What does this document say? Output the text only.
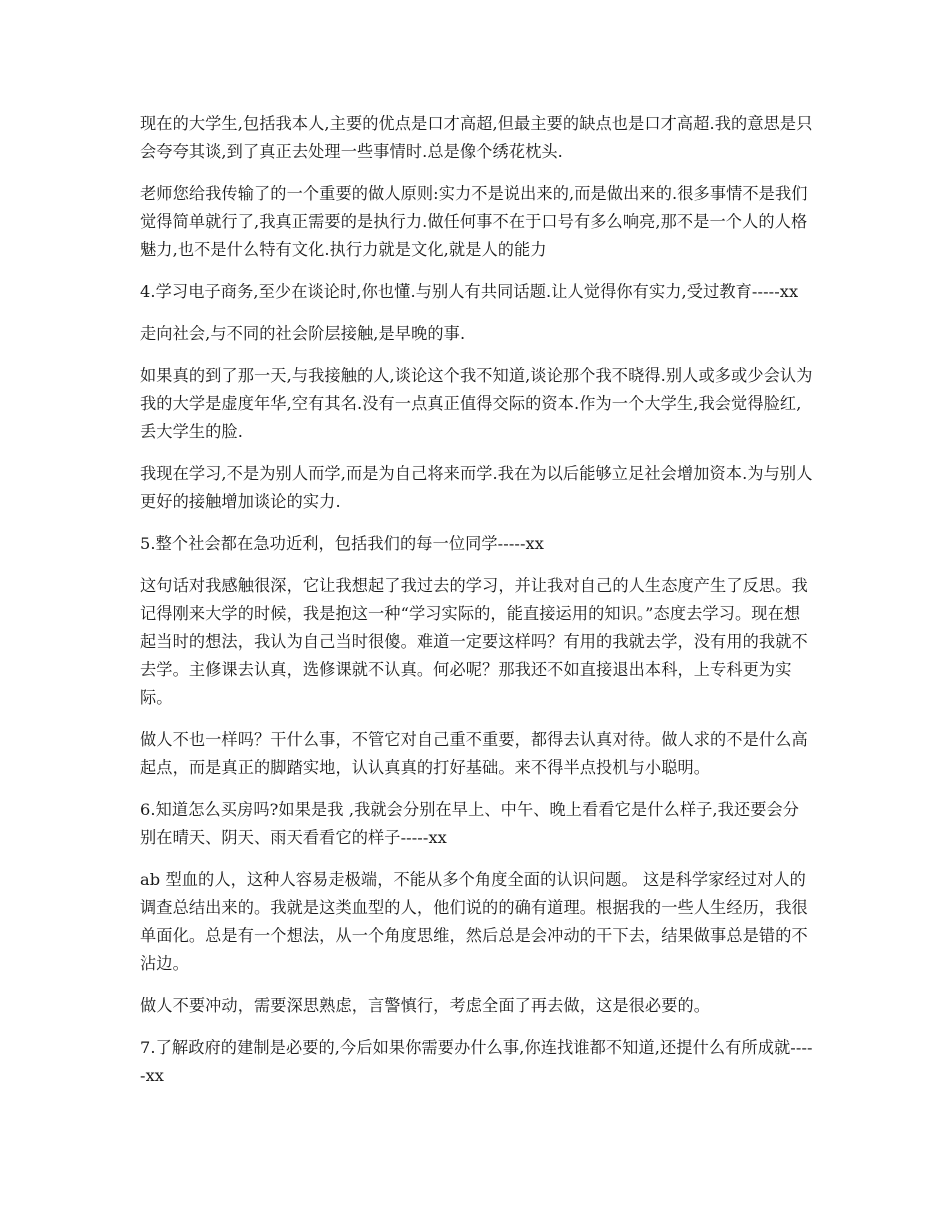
现在的大学生,包括我本人,主要的优点是口才高超,但最主要的缺点也是口才高超.我的意思是只会夸夸其谈,到了真正去处理一些事情时.总是像个绣花枕头.

老师您给我传输了的一个重要的做人原则:实力不是说出来的,而是做出来的.很多事情不是我们觉得简单就行了,我真正需要的是执行力.做任何事不在于口号有多么响亮,那不是一个人的人格魅力,也不是什么特有文化.执行力就是文化,就是人的能力

4.学习电子商务,至少在谈论时,你也懂.与别人有共同话题.让人觉得你有实力,受过教育-----xx

走向社会,与不同的社会阶层接触,是早晚的事.

如果真的到了那一天,与我接触的人,谈论这个我不知道,谈论那个我不晓得.别人或多或少会认为我的大学是虚度年华,空有其名.没有一点真正值得交际的资本.作为一个大学生,我会觉得脸红,丢大学生的脸.

我现在学习,不是为别人而学,而是为自己将来而学.我在为以后能够立足社会增加资本.为与别人更好的接触增加谈论的实力.

5.整个社会都在急功近利，包括我们的每一位同学-----xx

这句话对我感触很深，它让我想起了我过去的学习，并让我对自己的人生态度产生了反思。我记得刚来大学的时候，我是抱这一种“学习实际的，能直接运用的知识。”态度去学习。现在想起当时的想法，我认为自己当时很傻。难道一定要这样吗？有用的我就去学，没有用的我就不去学。主修课去认真，选修课就不认真。何必呢？那我还不如直接退出本科，上专科更为实际。

做人不也一样吗？干什么事，不管它对自己重不重要，都得去认真对待。做人求的不是什么高起点，而是真正的脚踏实地，认认真真的打好基础。来不得半点投机与小聪明。

6.知道怎么买房吗?如果是我 ,我就会分别在早上、中午、晚上看看它是什么样子,我还要会分别在晴天、阴天、雨天看看它的样子-----xx

ab 型血的人，这种人容易走极端，不能从多个角度全面的认识问题。 这是科学家经过对人的调查总结出来的。我就是这类血型的人，他们说的的确有道理。根据我的一些人生经历，我很单面化。总是有一个想法，从一个角度思维，然后总是会冲动的干下去，结果做事总是错的不沾边。

做人不要冲动，需要深思熟虑，言警慎行，考虑全面了再去做，这是很必要的。

7.了解政府的建制是必要的,今后如果你需要办什么事,你连找谁都不知道,还提什么有所成就-----xx
